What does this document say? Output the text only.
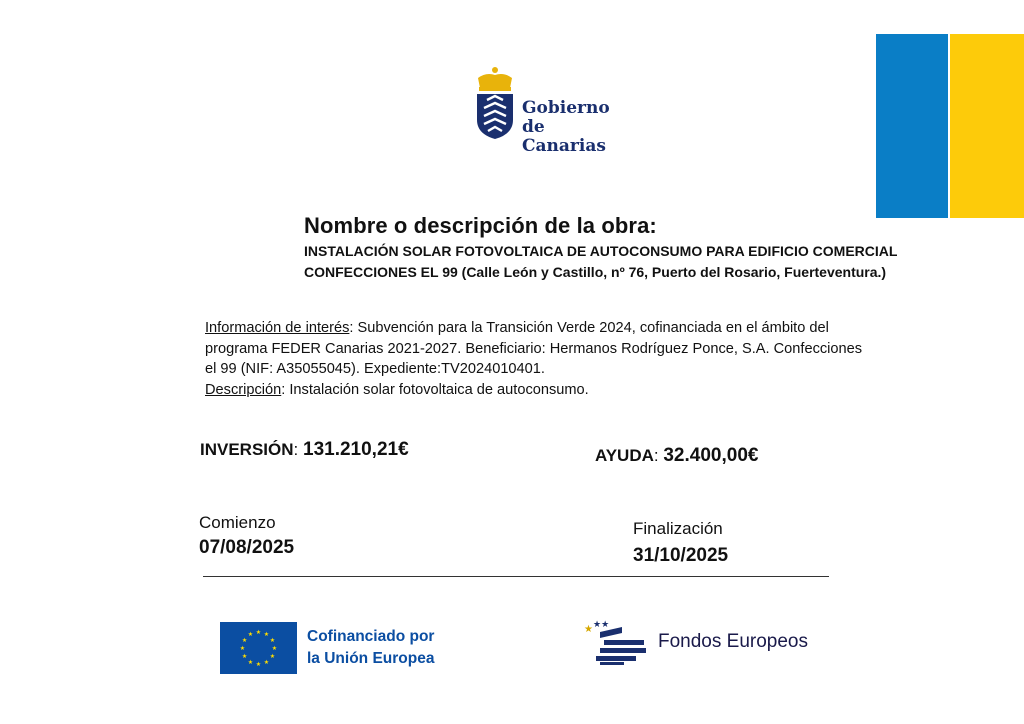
Gobierno
de Canarias
Nombre o descripción de la obra:
INSTALACIÓN SOLAR FOTOVOLTAICA DE AUTOCONSUMO PARA EDIFICIO COMERCIAL CONFECCIONES EL 99 (Calle León y Castillo, nº 76, Puerto del Rosario, Fuerteventura.)
Información de interés: Subvención para la Transición Verde 2024, cofinanciada en el ámbito del programa FEDER Canarias 2021-2027. Beneficiario: Hermanos Rodríguez Ponce, S.A. Confecciones el 99 (NIF: A35055045). Expediente:TV2024010401.
Descripción: Instalación solar fotovoltaica de autoconsumo.
INVERSIÓN: 131.210,21€	AYUDA: 32.400,00€
Comienzo
07/08/2025
Finalización
31/10/2025
★ ★
★
★
★
★
★
★
★
★
★
★	Cofinanciado por
la Unión Europea
★ ★★
Fondos Europeos
